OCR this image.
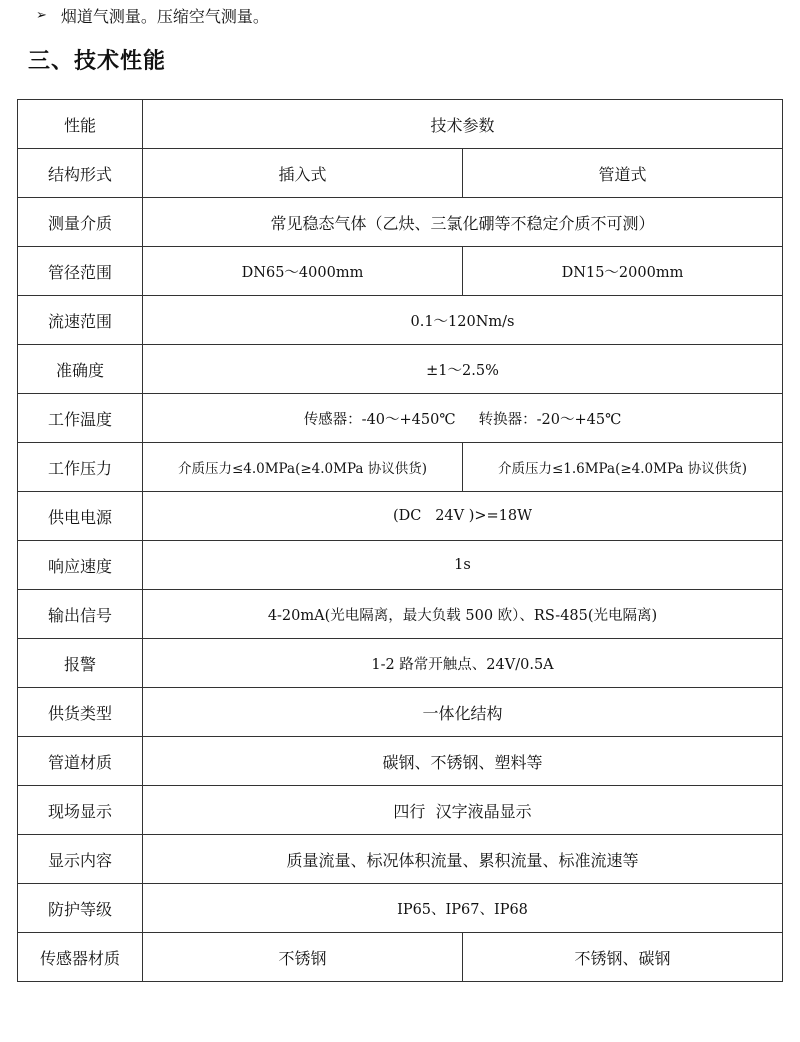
➢ 烟道气测量。压缩空气测量。
三、技术性能
性能	技术参数	
结构形式	插入式	管道式
测量介质	常见稳态气体（乙炔、三氯化硼等不稳定介质不可测）	
管径范围	DN65～4000mm	DN15～2000mm
流速范围	0.1～120Nm/s	
准确度	±1～2.5%	
工作温度	传感器：-40～+450℃     转换器：-20～+45℃	
工作压力	介质压力≤4.0MPa(≥4.0MPa 协议供货)	介质压力≤1.6MPa(≥4.0MPa 协议供货)
供电电源	(DC   24V )>=18W	
响应速度	1s	
输出信号	4-20mA(光电隔离，最大负载 500 欧）、RS-485(光电隔离)	
报警	1-2 路常开触点、24V/0.5A	
供货类型	一体化结构	
管道材质	碳钢、不锈钢、塑料等	
现场显示	四行  汉字液晶显示	
显示内容	质量流量、标况体积流量、累积流量、标准流速等	
防护等级	IP65、IP67、IP68	
传感器材质	不锈钢	不锈钢、碳钢
